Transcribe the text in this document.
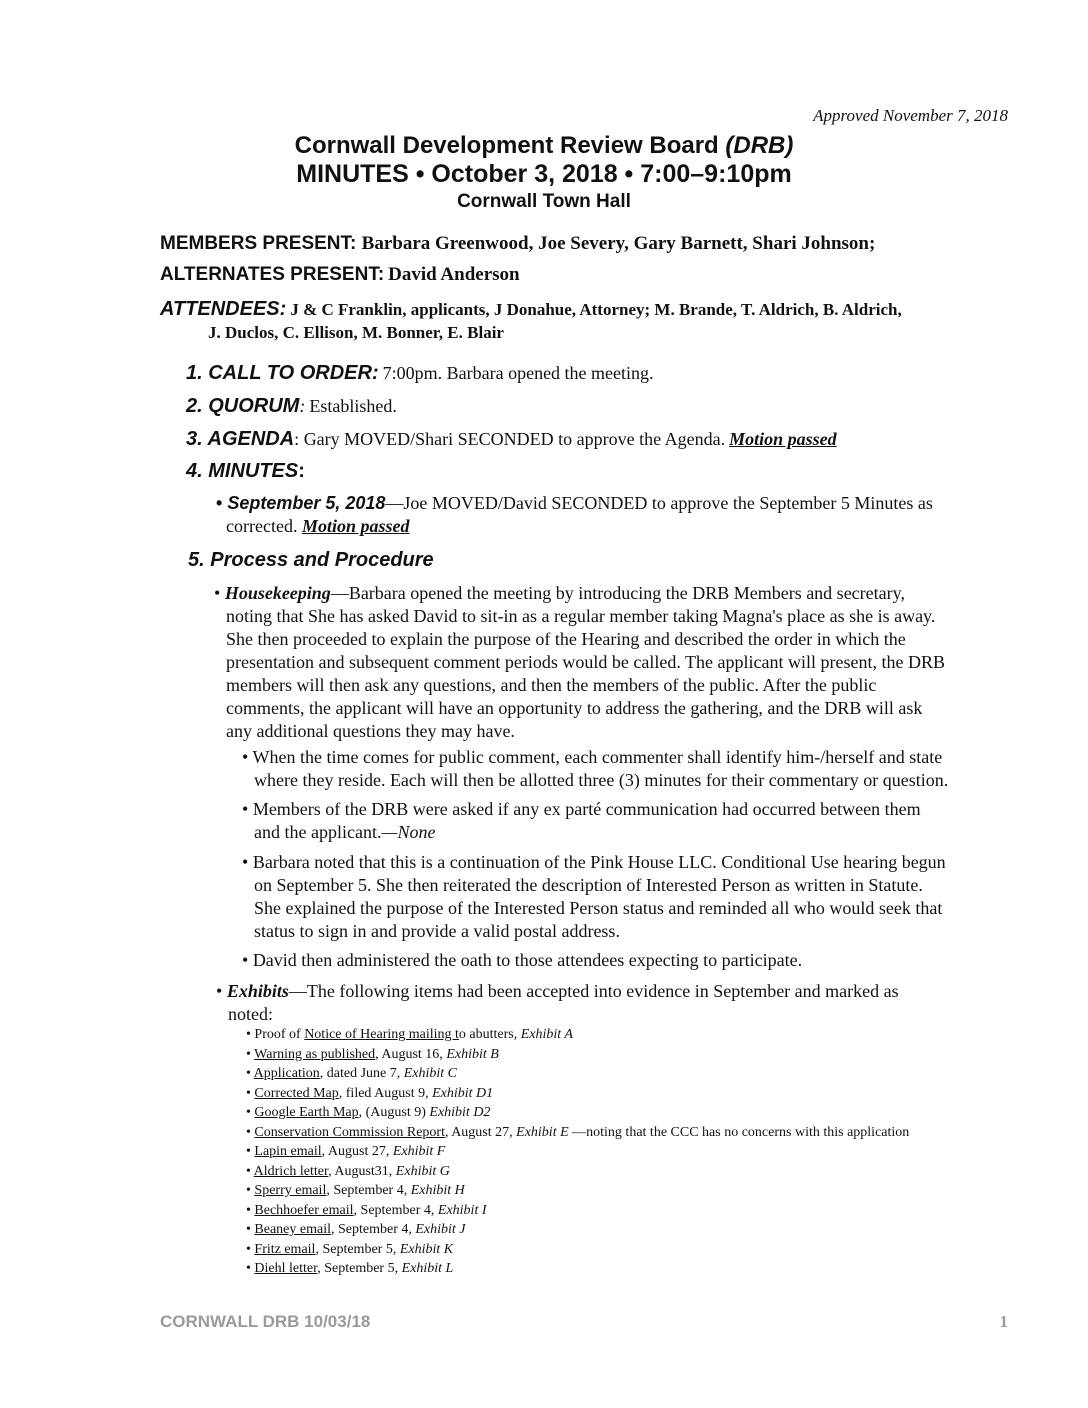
Approved November 7, 2018
Cornwall Development Review Board (DRB)
MINUTES • October 3, 2018 • 7:00–9:10pm
Cornwall Town Hall
MEMBERS PRESENT: Barbara Greenwood, Joe Severy, Gary Barnett, Shari Johnson;
ALTERNATES PRESENT: David Anderson
ATTENDEES: J & C Franklin, applicants, J Donahue, Attorney; M. Brande, T. Aldrich, B. Aldrich,
J. Duclos, C. Ellison, M. Bonner, E. Blair
1. CALL TO ORDER: 7:00pm. Barbara opened the meeting.
2. QUORUM: Established.
3. AGENDA: Gary MOVED/Shari SECONDED to approve the Agenda. Motion passed
4. MINUTES:
• September 5, 2018—Joe MOVED/David SECONDED to approve the September 5 Minutes as
corrected. Motion passed
5. Process and Procedure
• Housekeeping—Barbara opened the meeting by introducing the DRB Members and secretary,
noting that She has asked David to sit-in as a regular member taking Magna's place as she is away.
She then proceeded to explain the purpose of the Hearing and described the order in which the
presentation and subsequent comment periods would be called. The applicant will present, the DRB
members will then ask any questions, and then the members of the public. After the public
comments, the applicant will have an opportunity to address the gathering, and the DRB will ask
any additional questions they may have.
• When the time comes for public comment, each commenter shall identify him-/herself and state
where they reside. Each will then be allotted three (3) minutes for their commentary or question.
• Members of the DRB were asked if any ex parté communication had occurred between them
and the applicant.—None
• Barbara noted that this is a continuation of the Pink House LLC. Conditional Use hearing begun
on September 5. She then reiterated the description of Interested Person as written in Statute.
She explained the purpose of the Interested Person status and reminded all who would seek that
status to sign in and provide a valid postal address.
• David then administered the oath to those attendees expecting to participate.
• Exhibits—The following items had been accepted into evidence in September and marked as
noted:
• Proof of Notice of Hearing mailing to abutters, Exhibit A
• Warning as published, August 16, Exhibit B
• Application, dated June 7, Exhibit C
• Corrected Map, filed August 9, Exhibit D1
• Google Earth Map, (August 9) Exhibit D2
• Conservation Commission Report, August 27, Exhibit E —noting that the CCC has no concerns with this application
• Lapin email, August 27, Exhibit F
• Aldrich letter, August31, Exhibit G
• Sperry email, September 4, Exhibit H
• Bechhoefer email, September 4, Exhibit I
• Beaney email, September 4, Exhibit J
• Fritz email, September 5, Exhibit K
• Diehl letter, September 5, Exhibit L
CORNWALL DRB 10/03/18	1
